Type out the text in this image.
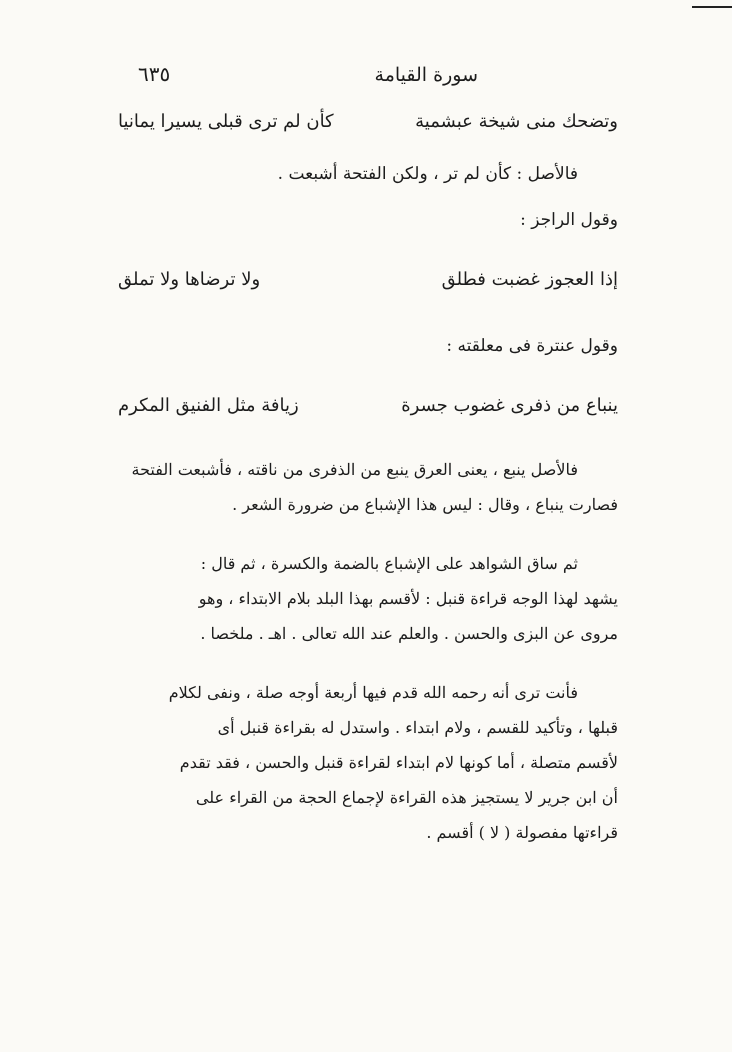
سورة القيامة
٦٣٥
وتضحك منى شيخة عبشمية
كأن لم ترى قبلى يسيرا يمانيا
فالأصل : كأن لم تر ، ولكن الفتحة أشبعت .
وقول الراجز :
إذا العجوز غضبت فطلق
ولا ترضاها ولا تملق
وقول عنترة فى معلقته :
ينباع من ذفرى غضوب جسرة
زيافة مثل الفنيق المكرم
فالأصل ينبع ، يعنى العرق ينبع من الذفرى من ناقته ، فأشبعت الفتحة
فصارت ينباع ، وقال : ليس هذا الإشباع من ضرورة الشعر .
ثم ساق الشواهد على الإشباع بالضمة والكسرة ، ثم قال :
يشهد لهذا الوجه قراءة قنبل : لأقسم بهذا البلد بلام الابتداء ، وهو
مروى عن البزى والحسن . والعلم عند الله تعالى . اهـ . ملخصا .
فأنت ترى أنه رحمه الله قدم فيها أربعة أوجه صلة ، ونفى لكلام
قبلها ، وتأكيد للقسم ، ولام ابتداء . واستدل له بقراءة قنبل أى
لأقسم متصلة ، أما كونها لام ابتداء لقراءة قنبل والحسن ، فقد تقدم
أن ابن جرير لا يستجيز هذه القراءة لإجماع الحجة من القراء على
قراءتها مفصولة ( لا ) أقسم .
